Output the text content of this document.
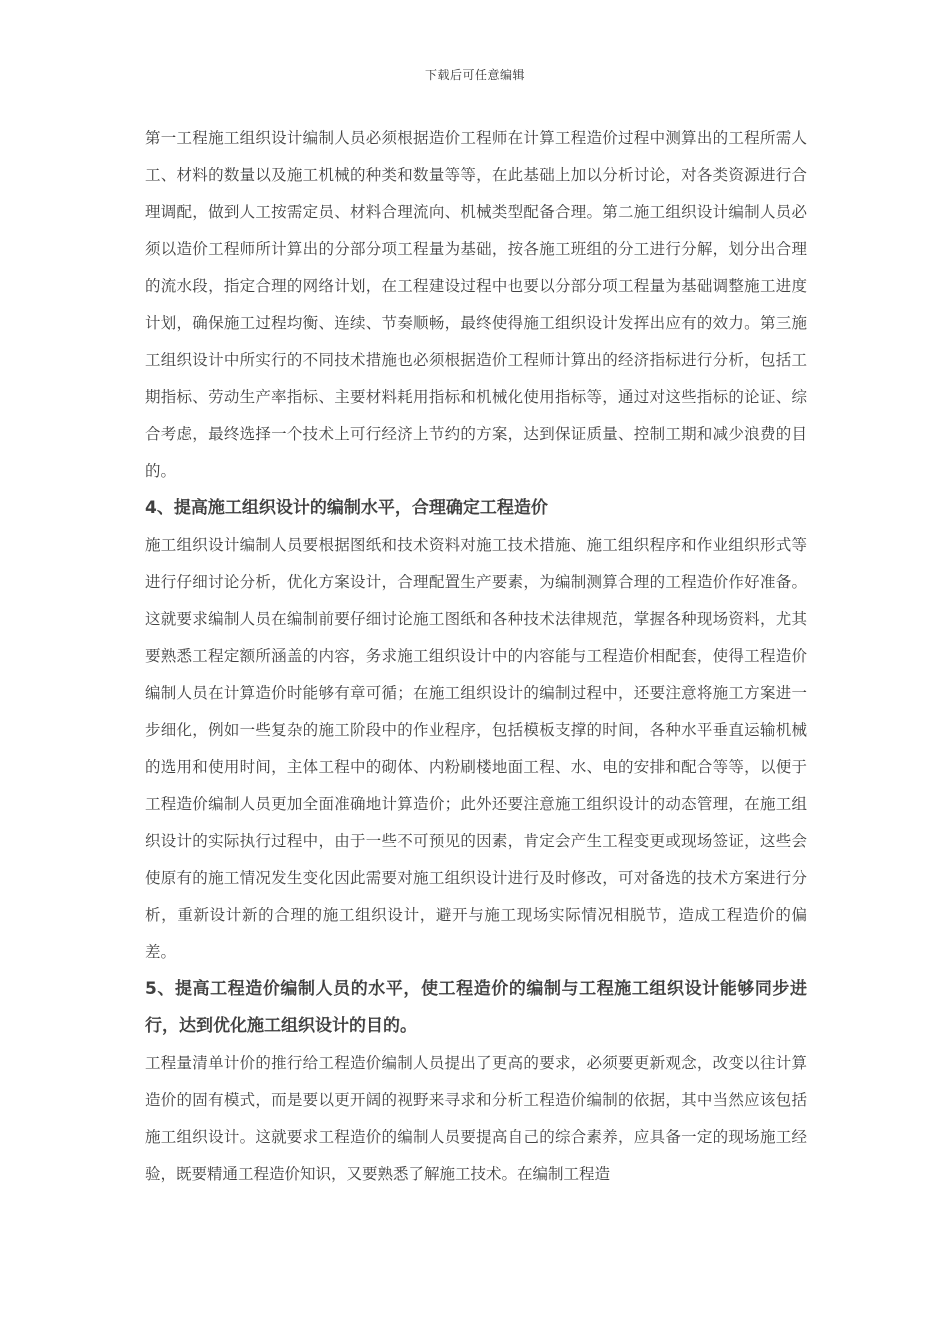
下载后可任意编辑

第一工程施工组织设计编制人员必须根据造价工程师在计算工程造价过程中测算出的工程所需人工、材料的数量以及施工机械的种类和数量等等，在此基础上加以分析讨论，对各类资源进行合理调配，做到人工按需定员、材料合理流向、机械类型配备合理。第二施工组织设计编制人员必须以造价工程师所计算出的分部分项工程量为基础，按各施工班组的分工进行分解，划分出合理的流水段，指定合理的网络计划，在工程建设过程中也要以分部分项工程量为基础调整施工进度计划，确保施工过程均衡、连续、节奏顺畅，最终使得施工组织设计发挥出应有的效力。第三施工组织设计中所实行的不同技术措施也必须根据造价工程师计算出的经济指标进行分析，包括工期指标、劳动生产率指标、主要材料耗用指标和机械化使用指标等，通过对这些指标的论证、综合考虑，最终选择一个技术上可行经济上节约的方案，达到保证质量、控制工期和减少浪费的目的。

4、提高施工组织设计的编制水平，合理确定工程造价

施工组织设计编制人员要根据图纸和技术资料对施工技术措施、施工组织程序和作业组织形式等进行仔细讨论分析，优化方案设计，合理配置生产要素，为编制测算合理的工程造价作好准备。这就要求编制人员在编制前要仔细讨论施工图纸和各种技术法律规范，掌握各种现场资料，尤其要熟悉工程定额所涵盖的内容，务求施工组织设计中的内容能与工程造价相配套，使得工程造价编制人员在计算造价时能够有章可循；在施工组织设计的编制过程中，还要注意将施工方案进一步细化，例如一些复杂的施工阶段中的作业程序，包括模板支撑的时间，各种水平垂直运输机械的选用和使用时间，主体工程中的砌体、内粉刷楼地面工程、水、电的安排和配合等等，以便于工程造价编制人员更加全面准确地计算造价；此外还要注意施工组织设计的动态管理，在施工组织设计的实际执行过程中，由于一些不可预见的因素，肯定会产生工程变更或现场签证，这些会使原有的施工情况发生变化因此需要对施工组织设计进行及时修改，可对备选的技术方案进行分析，重新设计新的合理的施工组织设计，避开与施工现场实际情况相脱节，造成工程造价的偏差。

5、提高工程造价编制人员的水平，使工程造价的编制与工程施工组织设计能够同步进行，达到优化施工组织设计的目的。

工程量清单计价的推行给工程造价编制人员提出了更高的要求，必须要更新观念，改变以往计算造价的固有模式，而是要以更开阔的视野来寻求和分析工程造价编制的依据，其中当然应该包括施工组织设计。这就要求工程造价的编制人员要提高自己的综合素养，应具备一定的现场施工经验，既要精通工程造价知识，又要熟悉了解施工技术。在编制工程造
